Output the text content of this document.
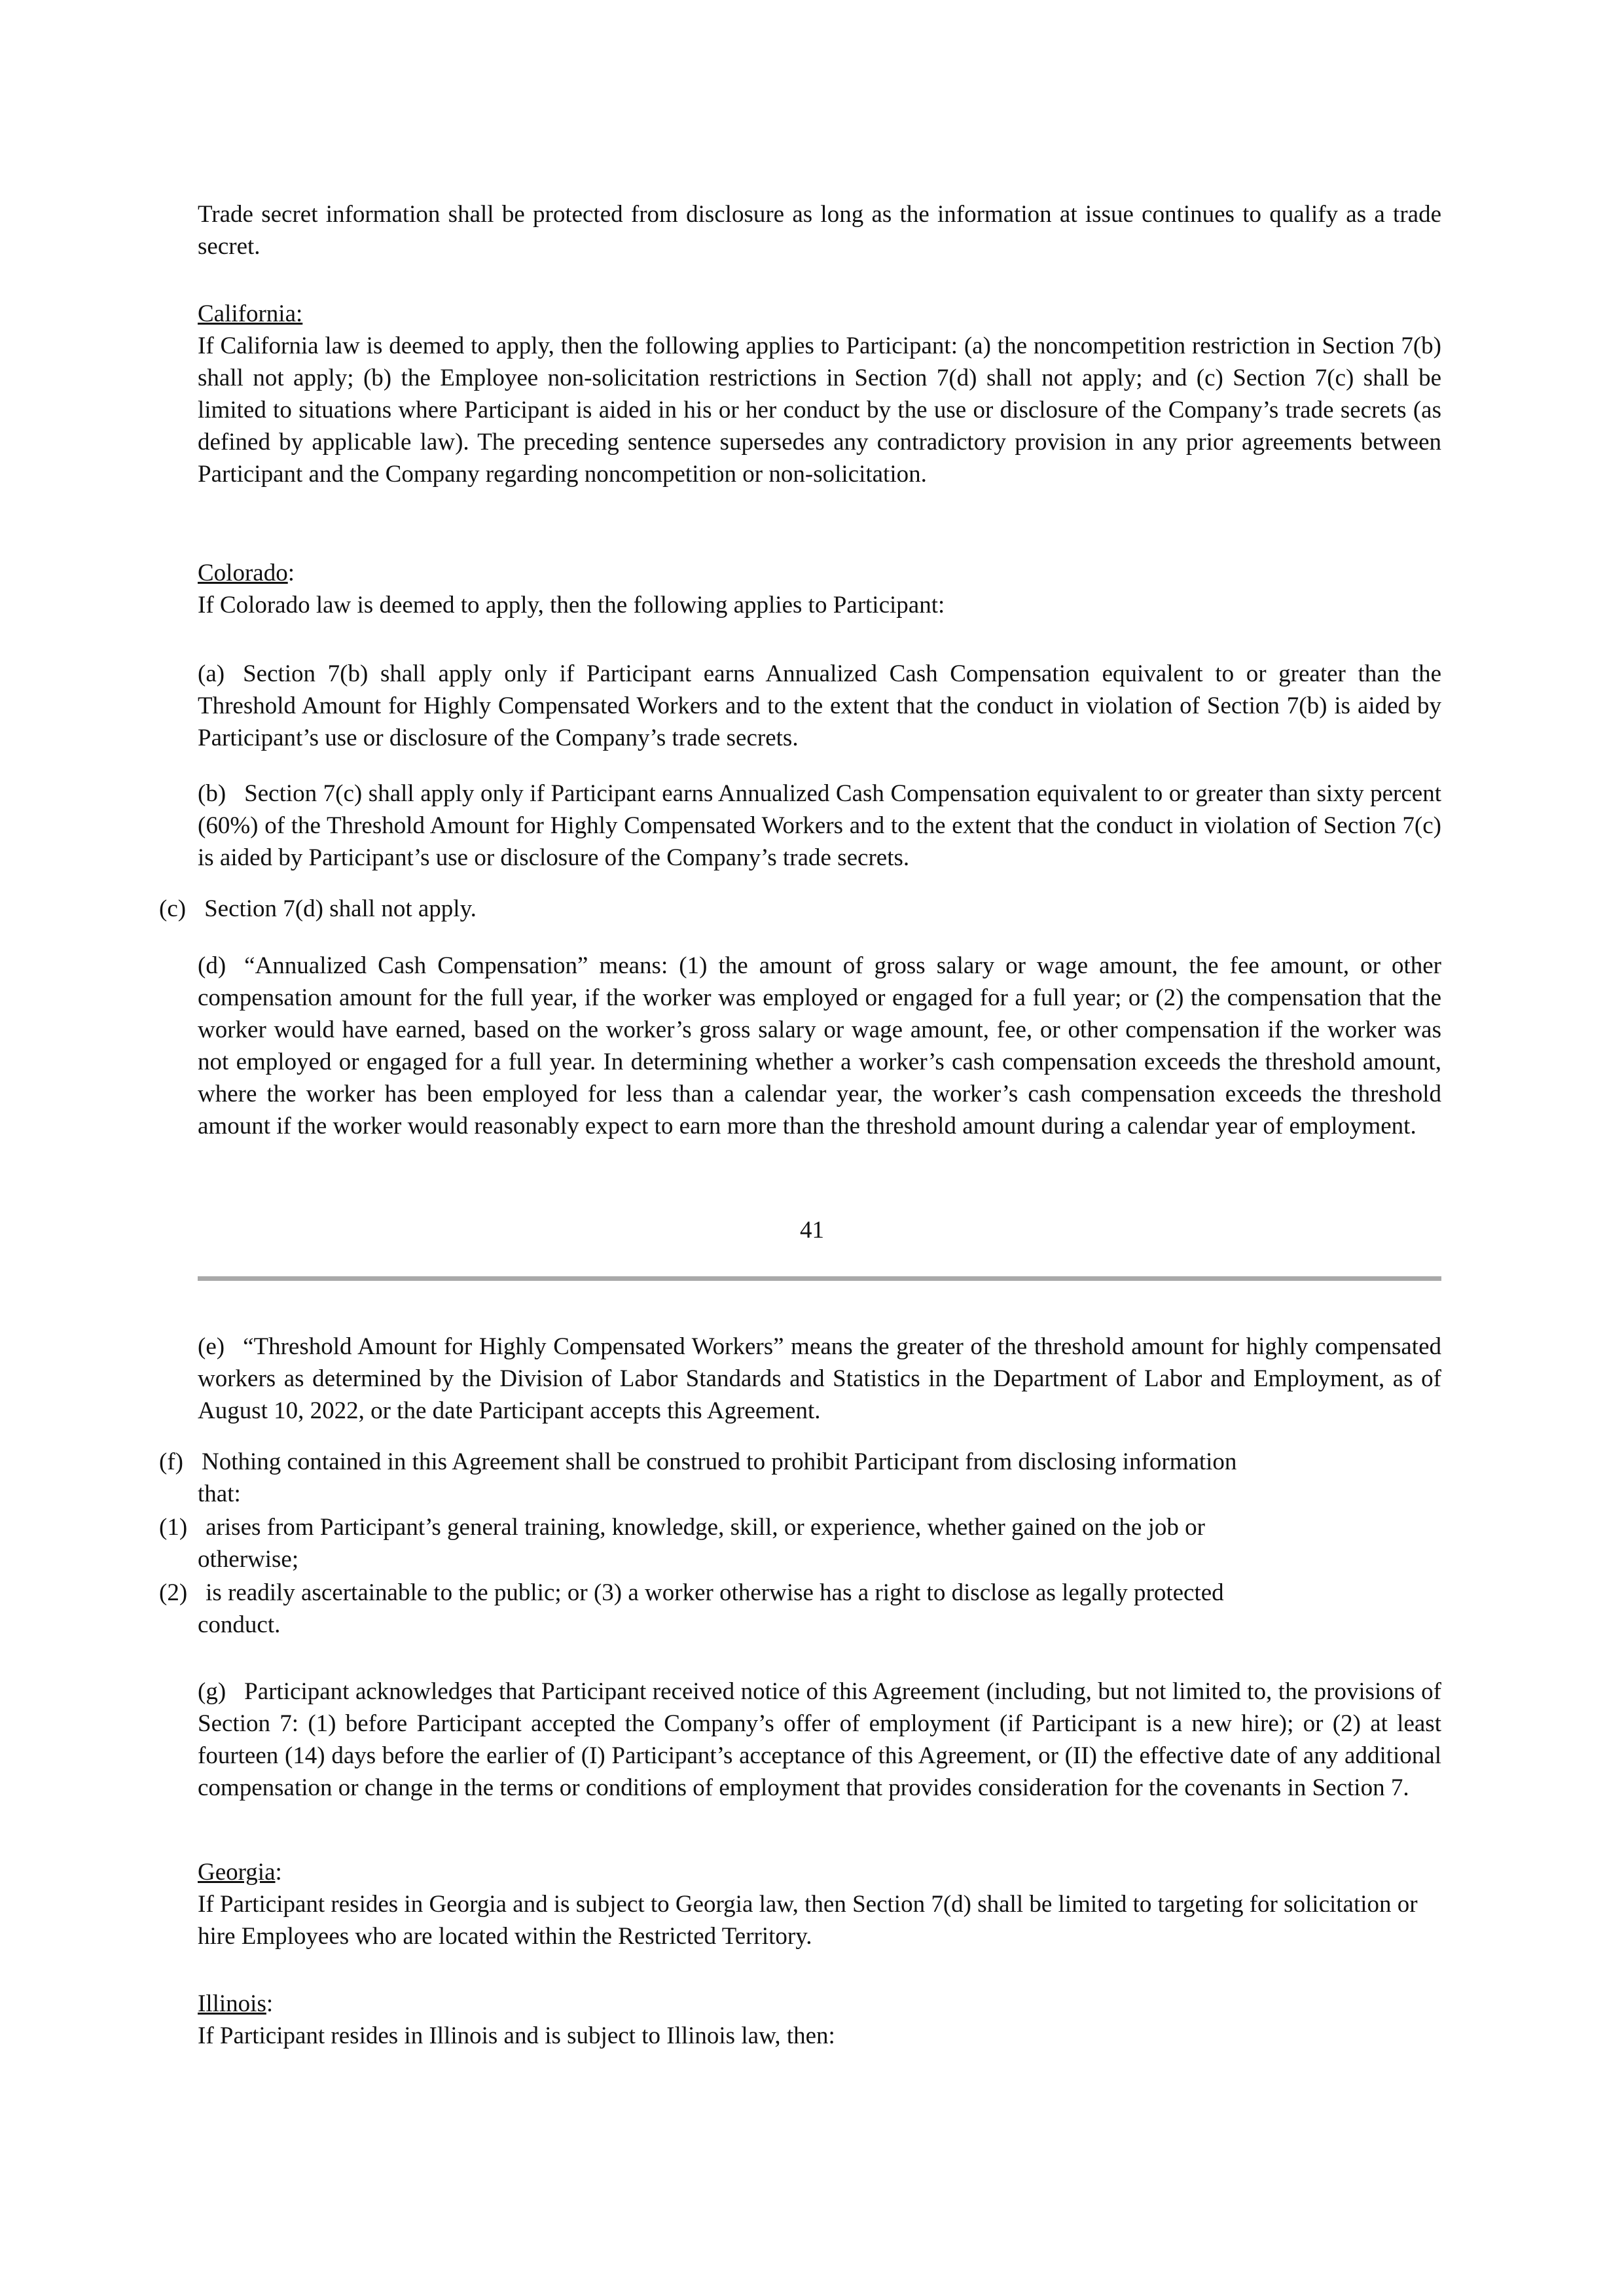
Trade secret information shall be protected from disclosure as long as the information at issue continues to qualify as a trade secret.

California:

If California law is deemed to apply, then the following applies to Participant: (a) the noncompetition restriction in Section 7(b) shall not apply; (b) the Employee non-solicitation restrictions in Section 7(d) shall not apply; and (c) Section 7(c) shall be limited to situations where Participant is aided in his or her conduct by the use or disclosure of the Company’s trade secrets (as defined by applicable law). The preceding sentence supersedes any contradictory provision in any prior agreements between Participant and the Company regarding noncompetition or non-solicitation.

Colorado:

If Colorado law is deemed to apply, then the following applies to Participant:

(a) Section 7(b) shall apply only if Participant earns Annualized Cash Compensation equivalent to or greater than the Threshold Amount for Highly Compensated Workers and to the extent that the conduct in violation of Section 7(b) is aided by Participant’s use or disclosure of the Company’s trade secrets.

(b) Section 7(c) shall apply only if Participant earns Annualized Cash Compensation equivalent to or greater than sixty percent (60%) of the Threshold Amount for Highly Compensated Workers and to the extent that the conduct in violation of Section 7(c) is aided by Participant’s use or disclosure of the Company’s trade secrets.

(c) Section 7(d) shall not apply.

(d) “Annualized Cash Compensation” means: (1) the amount of gross salary or wage amount, the fee amount, or other compensation amount for the full year, if the worker was employed or engaged for a full year; or (2) the compensation that the worker would have earned, based on the worker’s gross salary or wage amount, fee, or other compensation if the worker was not employed or engaged for a full year. In determining whether a worker’s cash compensation exceeds the threshold amount, where the worker has been employed for less than a calendar year, the worker’s cash compensation exceeds the threshold amount if the worker would reasonably expect to earn more than the threshold amount during a calendar year of employment.

41

(e) “Threshold Amount for Highly Compensated Workers” means the greater of the threshold amount for highly compensated workers as determined by the Division of Labor Standards and Statistics in the Department of Labor and Employment, as of August 10, 2022, or the date Participant accepts this Agreement.

(f) Nothing contained in this Agreement shall be construed to prohibit Participant from disclosing information

that:

(1) arises from Participant’s general training, knowledge, skill, or experience, whether gained on the job or

otherwise;

(2) is readily ascertainable to the public; or (3) a worker otherwise has a right to disclose as legally protected

conduct.

(g) Participant acknowledges that Participant received notice of this Agreement (including, but not limited to, the provisions of Section 7: (1) before Participant accepted the Company’s offer of employment (if Participant is a new hire); or (2) at least fourteen (14) days before the earlier of (I) Participant’s acceptance of this Agreement, or (II) the effective date of any additional compensation or change in the terms or conditions of employment that provides consideration for the covenants in Section 7.

Georgia:

If Participant resides in Georgia and is subject to Georgia law, then Section 7(d) shall be limited to targeting for solicitation or hire Employees who are located within the Restricted Territory.

Illinois:

If Participant resides in Illinois and is subject to Illinois law, then:
